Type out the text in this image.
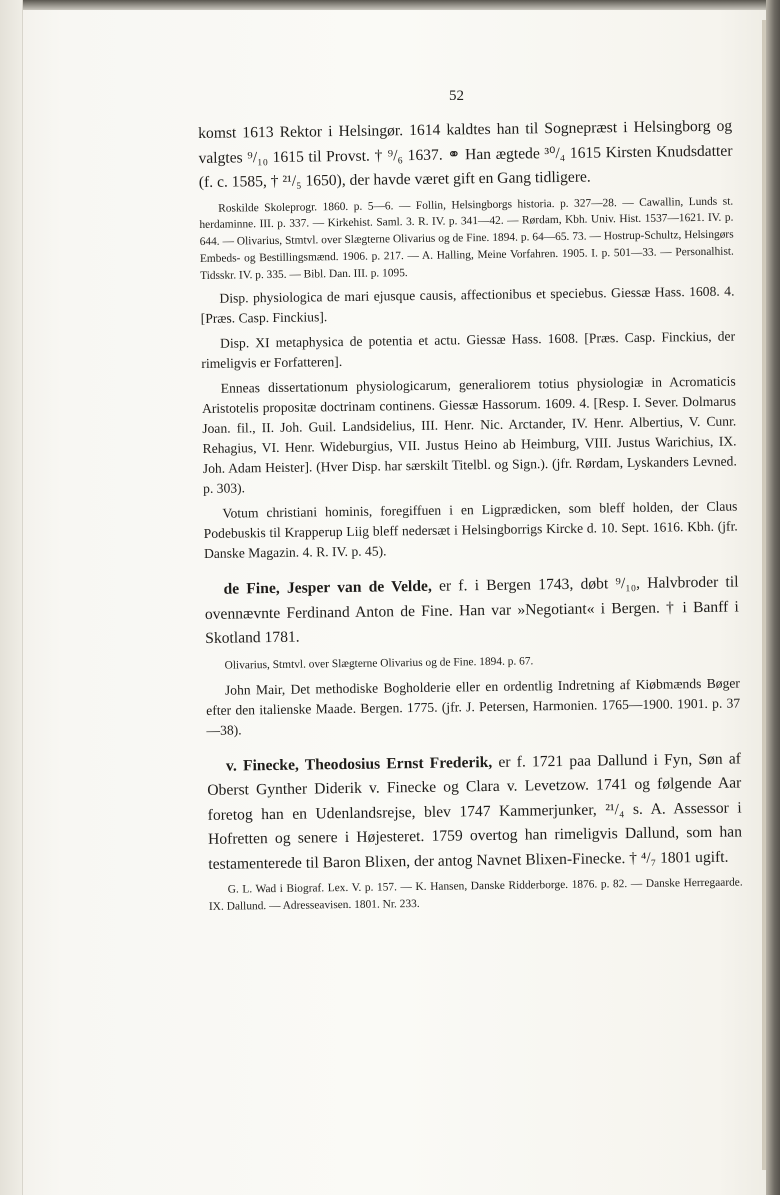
52

komst 1613 Rektor i Helsingør. 1614 kaldtes han til Sognepræst i Helsingborg og valgtes ⁹/₁₀ 1615 til Provst. † ⁹/₆ 1637. ⚭ Han ægtede ³⁰/₄ 1615 Kirsten Knudsdatter (f. c. 1585, † ²¹/₅ 1650), der havde været gift en Gang tidligere.

Roskilde Skoleprogr. 1860. p. 5—6. — Follin, Helsingborgs historia. p. 327—28. — Cawallin, Lunds st. herdaminne. III. p. 337. — Kirkehist. Saml. 3. R. IV. p. 341—42. — Rørdam, Kbh. Univ. Hist. 1537—1621. IV. p. 644. — Olivarius, Stmtvl. over Slægterne Olivarius og de Fine. 1894. p. 64—65. 73. — Hostrup-Schultz, Helsingørs Embeds- og Bestillingsmænd. 1906. p. 217. — A. Halling, Meine Vorfahren. 1905. I. p. 501—33. — Personalhist. Tidsskr. IV. p. 335. — Bibl. Dan. III. p. 1095.

Disp. physiologica de mari ejusque causis, affectionibus et speciebus. Giessæ Hass. 1608. 4. [Præs. Casp. Finckius].

Disp. XI metaphysica de potentia et actu. Giessæ Hass. 1608. [Præs. Casp. Finckius, der rimeligvis er Forfatteren].

Enneas dissertationum physiologicarum, generaliorem totius physiologiæ in Acromaticis Aristotelis propositæ doctrinam continens. Giessæ Hassorum. 1609. 4. [Resp. I. Sever. Dolmarus Joan. fil., II. Joh. Guil. Landsidelius, III. Henr. Nic. Arctander, IV. Henr. Albertius, V. Cunr. Rehagius, VI. Henr. Wideburgius, VII. Justus Heino ab Heimburg, VIII. Justus Warichius, IX. Joh. Adam Heister]. (Hver Disp. har særskilt Titelbl. og Sign.). (jfr. Rørdam, Lyskanders Levned. p. 303).

Votum christiani hominis, foregiffuen i en Ligprædicken, som bleff holden, der Claus Podebuskis til Krapperup Liig bleff nedersæt i Helsingborrigs Kircke d. 10. Sept. 1616. Kbh. (jfr. Danske Magazin. 4. R. IV. p. 45).

de Fine, Jesper van de Velde, er f. i Bergen 1743, døbt ⁹/₁₀, Halvbroder til ovennævnte Ferdinand Anton de Fine. Han var »Negotiant« i Bergen. † i Banff i Skotland 1781.

Olivarius, Stmtvl. over Slægterne Olivarius og de Fine. 1894. p. 67.

John Mair, Det methodiske Bogholderie eller en ordentlig Indretning af Kiøbmænds Bøger efter den italienske Maade. Bergen. 1775. (jfr. J. Petersen, Harmonien. 1765—1900. 1901. p. 37—38).

v. Finecke, Theodosius Ernst Frederik, er f. 1721 paa Dallund i Fyn, Søn af Oberst Gynther Diderik v. Finecke og Clara v. Levetzow. 1741 og følgende Aar foretog han en Udenlandsrejse, blev 1747 Kammerjunker, ²¹/₄ s. A. Assessor i Hofretten og senere i Højesteret. 1759 overtog han rimeligvis Dallund, som han testamenterede til Baron Blixen, der antog Navnet Blixen-Finecke. † ⁴/₇ 1801 ugift.

G. L. Wad i Biograf. Lex. V. p. 157. — K. Hansen, Danske Ridderborge. 1876. p. 82. — Danske Herregaarde. IX. Dallund. — Adresseavisen. 1801. Nr. 233.
